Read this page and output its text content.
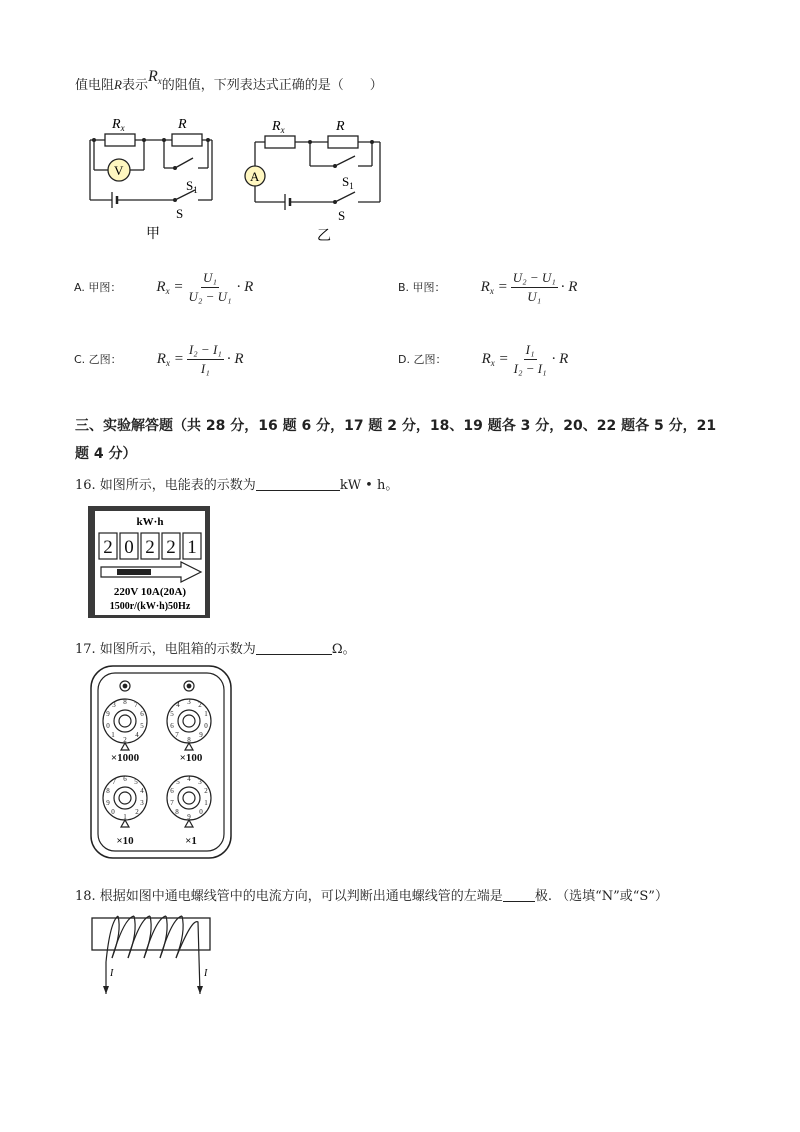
值电阻R表示$R_x$的阻值，下列表达式正确的是（　　）
$R_x$	R
V
$S_1$
S
甲
$R_x$	R
A	$S_1$
S
乙
A. 甲图： $R_x = \frac{\text{U₁}}{\text{U₂ − U₁}} \cdot R$	B. 甲图： $R_x = \frac{\text{U₂ − U₁}}{\text{U₁}} \cdot R$
C. 乙图： $R_x = \frac{\text{I₂ − I₁}}{\text{I₁}} \cdot R$	D. 乙图： $R_x = \frac{\text{I₁}}{\text{I₂ − I₁}} \cdot R$
三、实验解答题（共 28 分，16 题 6 分，17 题 2 分，18、19 题各 3 分，20、22 题各 5 分，21
题 4 分）
16. 如图所示，电能表的示数为	kW • h。
kW·h
2 0 2 2 1
220V 10A(20A)
1500r/(kW·h)50Hz
17. 如图所示，电阻箱的示数为	Ω。
8 7
6
5
4
2
1
0
9
3	3 2
1
0
9
8
7
6
5
4
6 5
4
3
2
1
0
9
8
7	4 3
2
1
0
9
8
7
6
5
×1000	×100
×10	×1
18. 根据如图中通电螺线管中的电流方向，可以判断出通电螺线管的左端是 极. （选填“N”或“S”）
I	I
